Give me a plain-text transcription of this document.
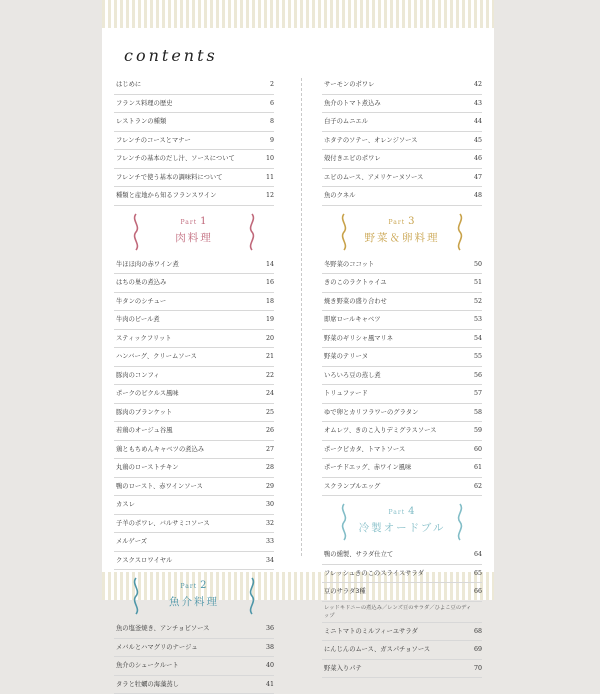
contents
はじめに	2
フランス料理の歴史	6
レストランの種類	8
フレンチのコースとマナー	9
フレンチの基本のだし汁、ソースについて	10
フレンチで使う基本の調味料について	11
種類と産地から知るフランスワイン	12
Part 1
肉料理
牛ほほ肉の赤ワイン煮	14
はちの巣の煮込み	16
牛タンのシチュー	18
牛肉のビール煮	19
スティックフリット	20
ハンバーグ、クリームソース	21
豚肉のコンフィ	22
ポークのピクルス風味	24
豚肉のブランケット	25
若鶏のオージュ谷風	26
鶏ともちめんキャベツの煮込み	27
丸鶏のローストチキン	28
鴨のロースト、赤ワインソース	29
カスレ	30
子羊のポワレ、バルサミコソース	32
メルゲーズ	33
クスクスロワイヤル	34
Part 2
魚介料理
魚の塩釜焼き、アンチョビソース	36
メバルとハマグリのナージュ	38
魚介のシュークルート	40
タラと牡蠣の海藻蒸し	41
サーモンのポワレ	42
魚介のトマト煮込み	43
白子のムニエル	44
ホタテのソテー、オレンジソース	45
殻付きエビのポワレ	46
エビのムース、アメリケーヌソース	47
魚のクネル	48
Part 3
野菜＆卵料理
冬野菜のココット	50
きのこのラクトゥイユ	51
焼き野菜の盛り合わせ	52
即席ロールキャベツ	53
野菜のギリシャ風マリネ	54
野菜のテリーヌ	55
いろいろ豆の蒸し煮	56
トリュファード	57
ゆで卵とカリフラワーのグラタン	58
オムレツ、きのこ入りデミグラスソース	59
ポークピカタ、トマトソース	60
ポーチドエッグ、赤ワイン風味	61
スクランブルエッグ	62
Part 4
冷製オードブル
鴨の燻製、サラダ仕立て	64
フレッシュきのこのスライスサラダ	65
豆のサラダ3種	66
レッドキドニーの煮込み／レンズ豆のサラダ／ひよこ豆のディップ
ミニトマトのミルフィーユサラダ	68
にんじんのムース、ガスパチョソース	69
野菜入りパテ	70
